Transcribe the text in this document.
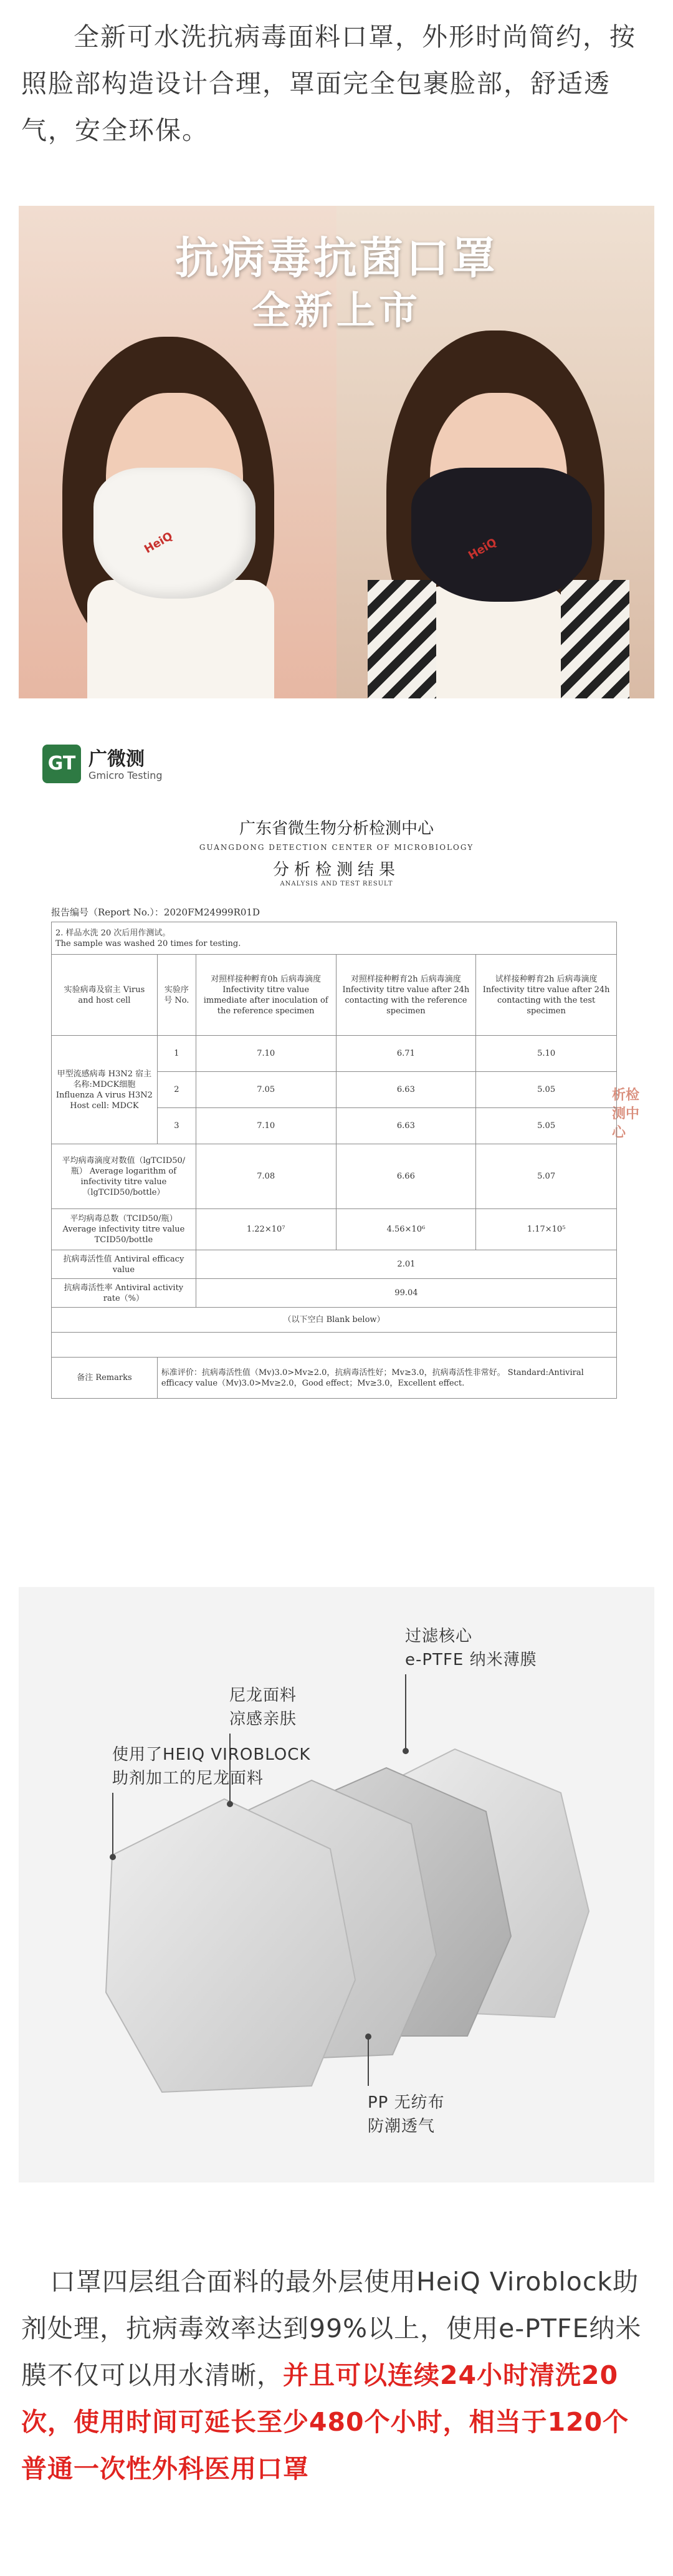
全新可水洗抗病毒面料口罩，外形时尚简约，按照脸部构造设计合理，罩面完全包裹脸部，舒适透气，安全环保。
HeiQ	HeiQ
抗病毒抗菌口罩
全新上市
GT 广微测
Gmicro Testing
广东省微生物分析检测中心
GUANGDONG DETECTION CENTER OF MICROBIOLOGY
分析检测结果
ANALYSIS AND TEST RESULT
报告编号（Report No.）：2020FM24999R01D
析检测中心
2. 样品水洗 20 次后用作测试。
The sample was washed 20 times for testing.				

实验病毒及宿主 Virus and host cell	实验序号 No.	对照样接种孵育0h 后病毒滴度 Infectivity titre value immediate after inoculation of the reference specimen	对照样接种孵育2h 后病毒滴度 Infectivity titre value after 24h contacting with the reference specimen	试样接种孵育2h 后病毒滴度 Infectivity titre value after 24h contacting with the test specimen
甲型流感病毒 H3N2 宿主名称:MDCK细胞 Influenza A virus H3N2 Host cell: MDCK	1	7.10	6.71	5.10
	2	7.05	6.63	5.05
	3	7.10	6.63	5.05
平均病毒滴度对数值（lgTCID50/瓶） Average logarithm of infectivity titre value （lgTCID50/bottle）		7.08	6.66	5.07
平均病毒总数（TCID50/瓶） Average infectivity titre value TCID50/bottle		1.22×10⁷	4.56×10⁶	1.17×10⁵
抗病毒活性值 Antiviral efficacy value		2.01		
抗病毒活性率 Antiviral activity rate（%）		99.04		
（以下空白 Blank below）				

备注 Remarks	标准评价：抗病毒活性值（Mv)3.0>Mv≥2.0，抗病毒活性好；Mv≥3.0，抗病毒活性非常好。 Standard:Antiviral efficacy value（Mv)3.0>Mv≥2.0，Good effect；Mv≥3.0，Excellent effect.			
过滤核心
e-PTFE 纳米薄膜
尼龙面料
凉感亲肤
使用了HEIQ VIROBLOCK
助剂加工的尼龙面料
PP 无纺布
防潮透气
口罩四层组合面料的最外层使用HeiQ Viroblock助剂处理，抗病毒效率达到99%以上，使用e-PTFE纳米膜不仅可以用水清晰，并且可以连续24小时清洗20次，使用时间可延长至少480个小时，相当于120个普通一次性外科医用口罩
